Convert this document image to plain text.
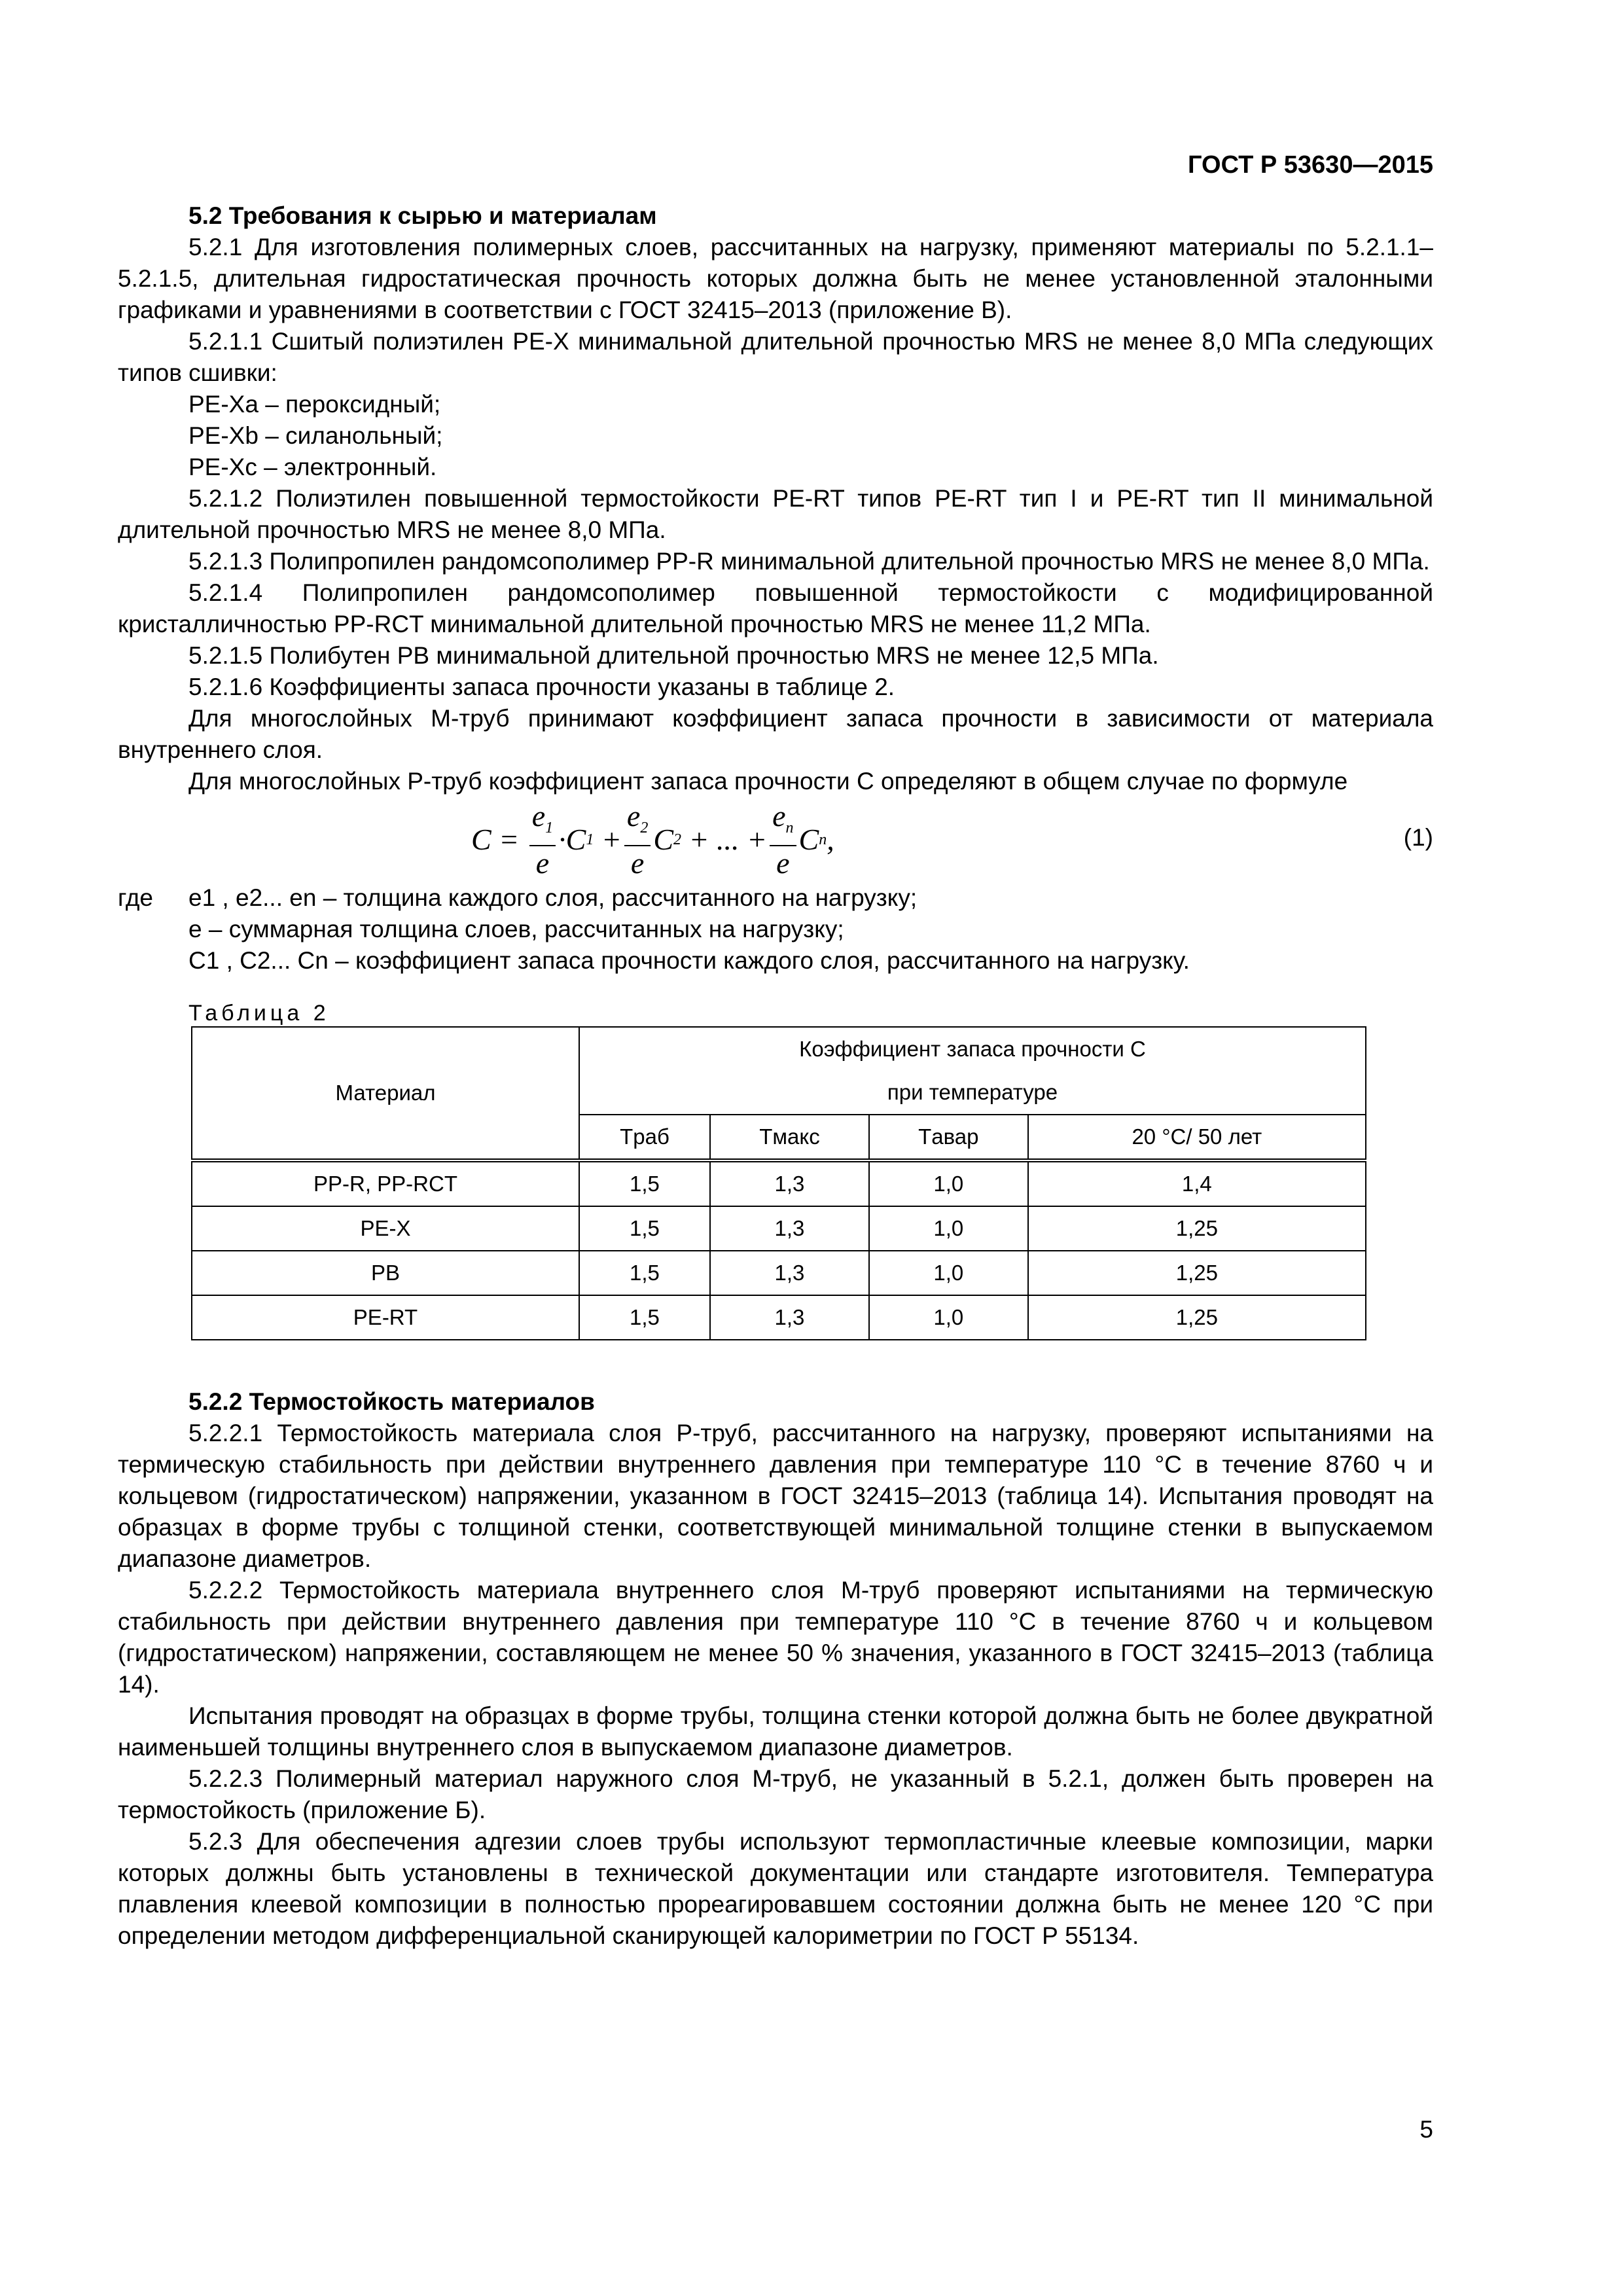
ГОСТ Р 53630—2015

5.2 Требования к сырью и материалам

5.2.1 Для изготовления полимерных слоев, рассчитанных на нагрузку, применяют материалы по 5.2.1.1–5.2.1.5, длительная гидростатическая прочность которых должна быть не менее установленной эталонными графиками и уравнениями в соответствии с ГОСТ 32415–2013 (приложение В).

5.2.1.1 Сшитый полиэтилен PE-X минимальной длительной прочностью MRS не менее 8,0 МПа следующих типов сшивки:

PE-Xa – пероксидный;

PE-Xb – силанольный;

PE-Xc – электронный.

5.2.1.2 Полиэтилен повышенной термостойкости PE-RT типов PE-RT тип I и PE-RT тип II минимальной длительной прочностью MRS не менее 8,0 МПа.

5.2.1.3 Полипропилен рандомсополимер PP-R минимальной длительной прочностью MRS не менее 8,0 МПа.

5.2.1.4 Полипропилен рандомсополимер повышенной термостойкости с модифицированной кристалличностью PP-RCT минимальной длительной прочностью MRS не менее 11,2 МПа.

5.2.1.5 Полибутен PB минимальной длительной прочностью MRS не менее 12,5 МПа.

5.2.1.6 Коэффициенты запаса прочности указаны в таблице 2.

Для многослойных М-труб принимают коэффициент запаса прочности в зависимости от материала внутреннего слоя.

Для многослойных Р-труб коэффициент запаса прочности C определяют в общем случае по формуле

C =
$\frac{e_1}{e} \cdot C$ $1 + \frac{e_2}{e}$ C 2
+ ... + $\frac{e_n}{e}$ C n ,	(1)
где e1 , e2... en – толщина каждого слоя, рассчитанного на нагрузку;

e – суммарная толщина слоев, рассчитанных на нагрузку;

C1 , C2... Cn – коэффициент запаса прочности каждого слоя, рассчитанного на нагрузку.

Таблица 2
Материал	Коэффициент запаса прочности C
при температуре			

	Tраб	Tмакс	Tавар	20 °С/ 50 лет
PP-R, PP-RCT	1,5	1,3	1,0	1,4
PE-X	1,5	1,3	1,0	1,25
PB	1,5	1,3	1,0	1,25
PE-RT	1,5	1,3	1,0	1,25

5.2.2 Термостойкость материалов

5.2.2.1 Термостойкость материала слоя Р-труб, рассчитанного на нагрузку, проверяют испытаниями на термическую стабильность при действии внутреннего давления при температуре 110 °С в течение 8760 ч и кольцевом (гидростатическом) напряжении, указанном в ГОСТ 32415–2013 (таблица 14). Испытания проводят на образцах в форме трубы с толщиной стенки, соответствующей минимальной толщине стенки в выпускаемом диапазоне диаметров.

5.2.2.2 Термостойкость материала внутреннего слоя М-труб проверяют испытаниями на термическую стабильность при действии внутреннего давления при температуре 110 °С в течение 8760 ч и кольцевом (гидростатическом) напряжении, составляющем не менее 50 % значения, указанного в ГОСТ 32415–2013 (таблица 14).

Испытания проводят на образцах в форме трубы, толщина стенки которой должна быть не более двукратной наименьшей толщины внутреннего слоя в выпускаемом диапазоне диаметров.

5.2.2.3 Полимерный материал наружного слоя М-труб, не указанный в 5.2.1, должен быть проверен на термостойкость (приложение Б).

5.2.3 Для обеспечения адгезии слоев трубы используют термопластичные клеевые композиции, марки которых должны быть установлены в технической документации или стандарте изготовителя. Температура плавления клеевой композиции в полностью прореагировавшем состоянии должна быть не менее 120 °С при определении методом дифференциальной сканирующей калориметрии по ГОСТ Р 55134.

5
